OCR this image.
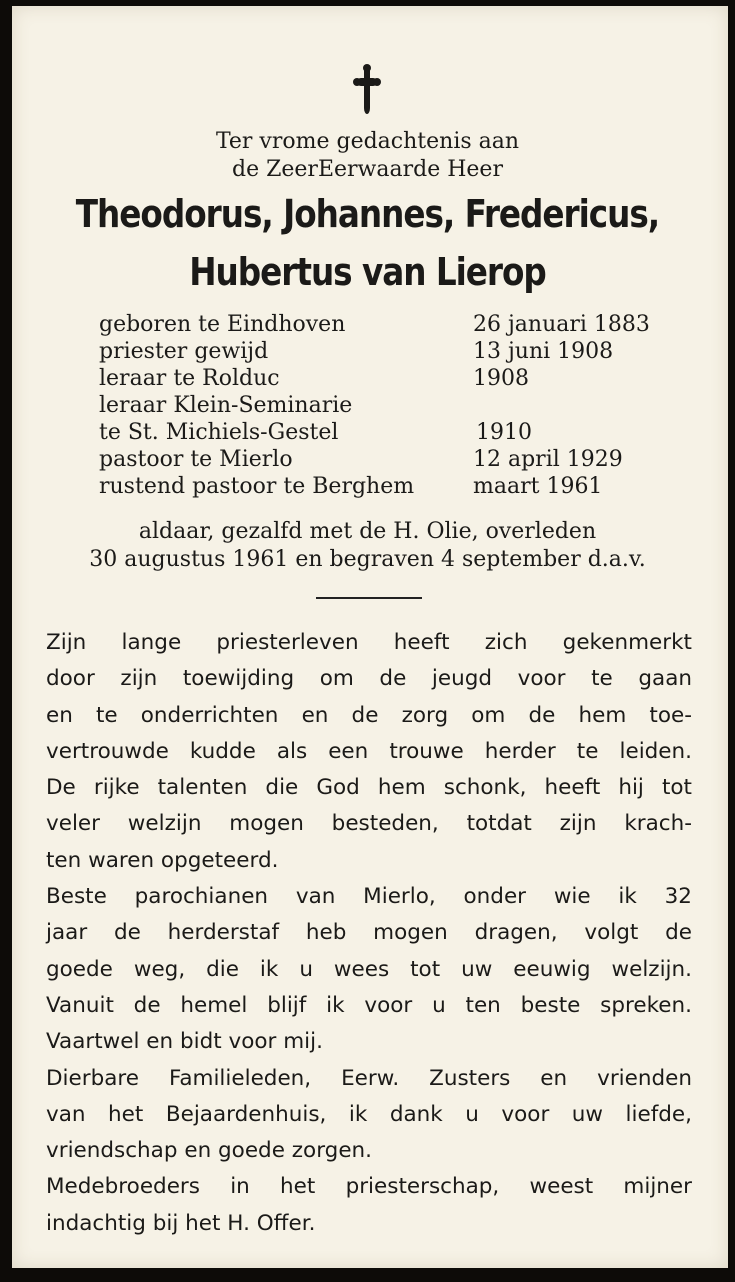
Ter vrome gedachtenis aan
de ZeerEerwaarde Heer
Theodorus, Johannes, Fredericus,
Hubertus van Lierop
geboren te Eindhoven	26 januari 1883
priester gewijd	13 juni 1908
leraar te Rolduc	1908
leraar Klein-Seminarie
te St. Michiels-Gestel	1910
pastoor te Mierlo	12 april 1929
rustend pastoor te Berghem	maart 1961
aldaar, gezalfd met de H. Olie, overleden
30 augustus 1961 en begraven 4 september d.a.v.
Zijn lange priesterleven heeft zich gekenmerkt
door zijn toewijding om de jeugd voor te gaan
en te onderrichten en de zorg om de hem toe-
vertrouwde kudde als een trouwe herder te leiden.
De rijke talenten die God hem schonk, heeft hij tot
veler welzijn mogen besteden, totdat zijn krach-
ten waren opgeteerd.
Beste parochianen van Mierlo, onder wie ik 32
jaar de herderstaf heb mogen dragen, volgt de
goede weg, die ik u wees tot uw eeuwig welzijn.
Vanuit de hemel blijf ik voor u ten beste spreken.
Vaartwel en bidt voor mij.
Dierbare Familieleden, Eerw. Zusters en vrienden
van het Bejaardenhuis, ik dank u voor uw liefde,
vriendschap en goede zorgen.
Medebroeders in het priesterschap, weest mijner
indachtig bij het H. Offer.
